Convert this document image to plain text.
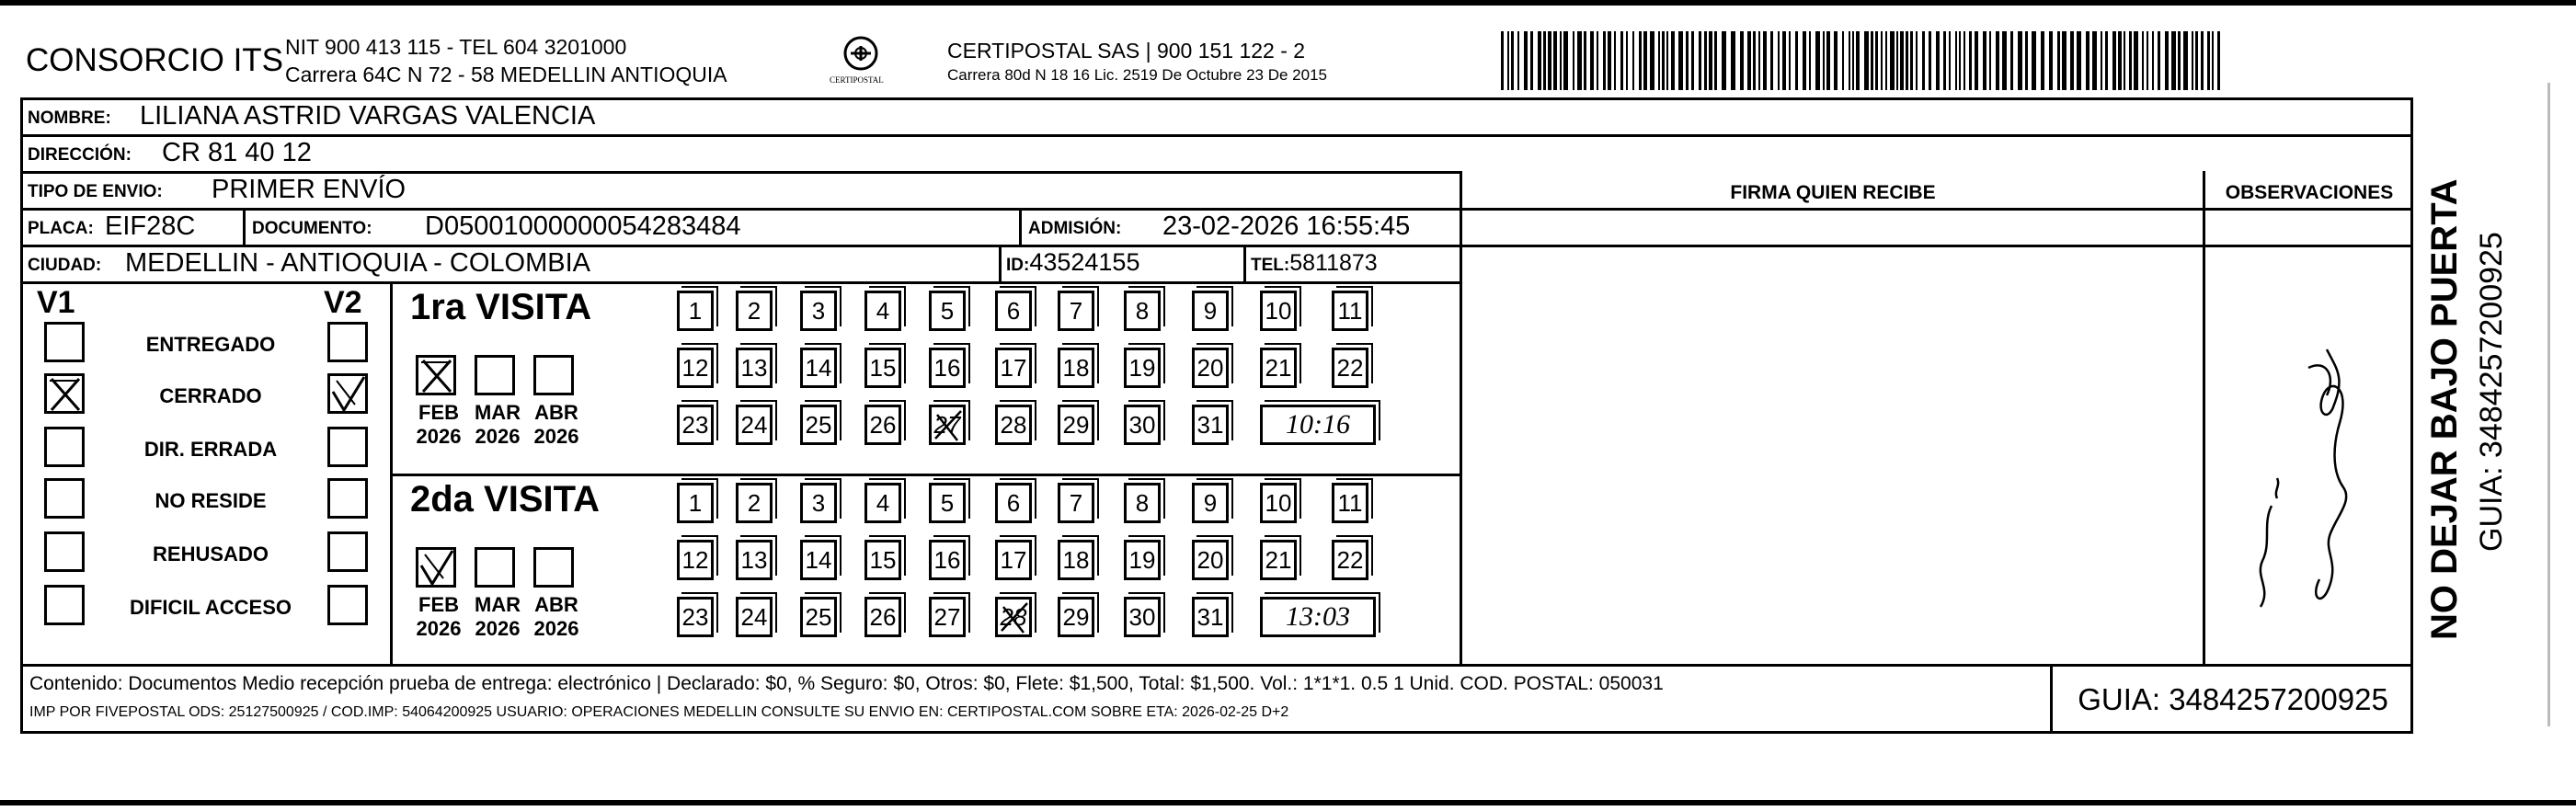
CONSORCIO ITS NIT 900 413 115 - TEL 604 3201000
Carrera 64C N 72 - 58 MEDELLIN ANTIOQUIA	CERTIPOSTAL
CERTIPOSTAL SAS | 900 151 122 - 2
Carrera 80d N 18 16 Lic. 2519 De Octubre 23 De 2015
NOMBRE: LILIANA ASTRID VARGAS VALENCIA
DIRECCIÓN: CR 81 40 12
TIPO DE ENVIO: PRIMER ENVÍO	FIRMA QUIEN RECIBE	OBSERVACIONES
PLACA: EIF28C	DOCUMENTO: D05001000000054283484	ADMISIÓN: 23-02-2026 16:55:45
CIUDAD: MEDELLIN - ANTIOQUIA - COLOMBIA	ID:43524155	TEL:5811873
V1	V2
ENTREGADO
CERRADO
DIR. ERRADA
NO RESIDE
REHUSADO
DIFICIL ACCESO
1ra VISITA
FEB
2026
MAR
2026
ABR
2026
1 2 3 4 5 6 7 8 9 10 11
12 13 14 15 16 17 18 19 20 21 22
23 24 25 26 27 28 29 30 31 10:16
2da VISITA
FEB
2026
MAR
2026
ABR
2026
1 2 3 4 5 6 7 8 9 10 11
12 13 14 15 16 17 18 19 20 21 22
23 24 25 26 27 28 29 30 31 13:03
Contenido: Documentos Medio recepción prueba de entrega: electrónico | Declarado: $0, % Seguro: $0, Otros: $0, Flete: $1,500, Total: $1,500. Vol.: 1*1*1. 0.5 1 Unid. COD. POSTAL: 050031
IMP POR FIVEPOSTAL ODS: 25127500925 / COD.IMP: 54064200925 USUARIO: OPERACIONES MEDELLIN CONSULTE SU ENVIO EN: CERTIPOSTAL.COM SOBRE ETA: 2026-02-25 D+2	GUIA: 3484257200925
NO DEJAR BAJO PUERTA GUIA: 3484257200925
